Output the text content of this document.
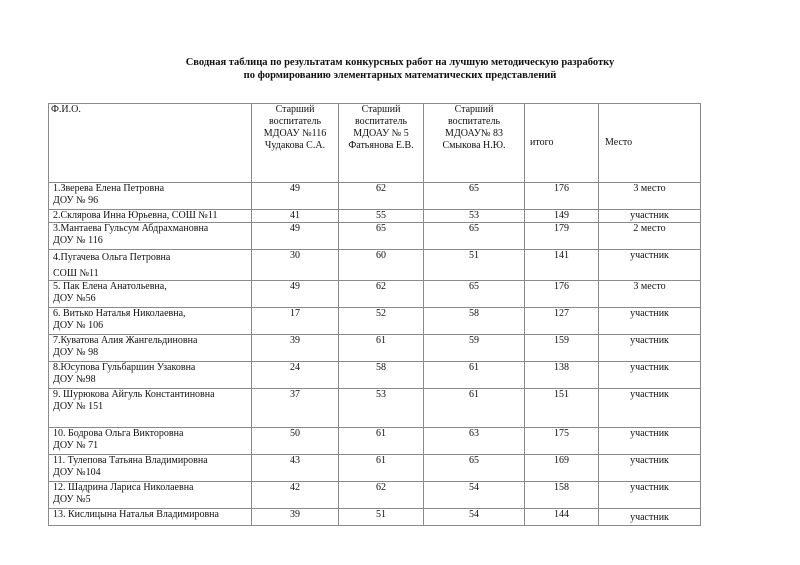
Сводная таблица по результатам конкурсных работ на лучшую методическую разработку
по формированию элементарных математических представлений
Ф.И.О.	Старший
воспитатель
МДОАУ №116
Чудакова С.А.	Старший
воспитатель
МДОАУ № 5
Фатьянова Е.В.	Старший
воспитатель
МДОАУ№ 83
Смыкова Н.Ю.	итого	Место

1.Зверева Елена Петровна
ДОУ № 96	49	62	65	176	3 место

2.Склярова Инна Юрьевна, СОШ №11	41	55	53	149	участник

3.Мантаева Гульсум Абдрахмановна
ДОУ № 116	49	65	65	179	2 место

4.Пугачева Ольга Петровна
СОШ №11	30	60	51	141	участник

5. Пак Елена Анатольевна,
ДОУ №56	49	62	65	176	3 место

6. Витько Наталья Николаевна,
ДОУ № 106	17	52	58	127	участник

7.Куватова Алия Жангельдиновна
ДОУ № 98	39	61	59	159	участник

8.Юсупова Гульбаршин Узаковна
ДОУ №98	24	58	61	138	участник

9. Шурюкова Айгуль Константиновна
ДОУ № 151	37	53	61	151	участник

10. Бодрова Ольга Викторовна
ДОУ № 71	50	61	63	175	участник

11. Тулепова Татьяна Владимировна
ДОУ №104	43	61	65	169	участник

12. Шадрина Лариса Николаевна
ДОУ №5	42	62	54	158	участник

13. Кислицына Наталья Владимировна	39	51	54	144	участник
